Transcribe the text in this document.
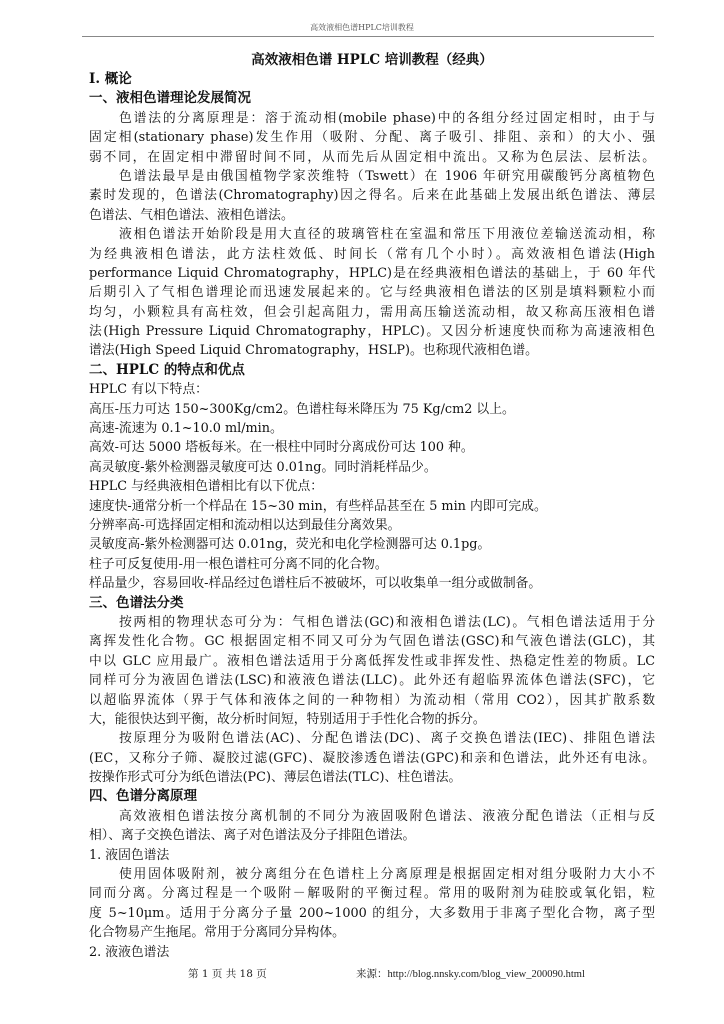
高效液相色谱HPLC培训教程
高效液相色谱 HPLC 培训教程（经典）
Ⅰ. 概论
一、液相色谱理论发展简况
色谱法的分离原理是：溶于流动相(mobile phase)中的各组分经过固定相时，由于与
固定相(stationary phase)发生作用（吸附、分配、离子吸引、排阻、亲和）的大小、强
弱不同，在固定相中滞留时间不同，从而先后从固定相中流出。又称为色层法、层析法。
色谱法最早是由俄国植物学家茨维特（Tswett）在 1906 年研究用碳酸钙分离植物色
素时发现的，色谱法(Chromatography)因之得名。后来在此基础上发展出纸色谱法、薄层
色谱法、气相色谱法、液相色谱法。
液相色谱法开始阶段是用大直径的玻璃管柱在室温和常压下用液位差输送流动相，称
为经典液相色谱法，此方法柱效低、时间长（常有几个小时）。高效液相色谱法(High
performance Liquid Chromatography，HPLC)是在经典液相色谱法的基础上，于 60 年代
后期引入了气相色谱理论而迅速发展起来的。它与经典液相色谱法的区别是填料颗粒小而
均匀，小颗粒具有高柱效，但会引起高阻力，需用高压输送流动相，故又称高压液相色谱
法(High Pressure Liquid Chromatography，HPLC)。又因分析速度快而称为高速液相色
谱法(High Speed Liquid Chromatography，HSLP)。也称现代液相色谱。
二、HPLC 的特点和优点
HPLC 有以下特点：
高压-压力可达 150~300Kg/cm2。色谱柱每米降压为 75 Kg/cm2 以上。
高速-流速为 0.1~10.0 ml/min。
高效-可达 5000 塔板每米。在一根柱中同时分离成份可达 100 种。
高灵敏度-紫外检测器灵敏度可达 0.01ng。同时消耗样品少。
HPLC 与经典液相色谱相比有以下优点：
速度快-通常分析一个样品在 15~30 min，有些样品甚至在 5 min 内即可完成。
分辨率高-可选择固定相和流动相以达到最佳分离效果。
灵敏度高-紫外检测器可达 0.01ng，荧光和电化学检测器可达 0.1pg。
柱子可反复使用-用一根色谱柱可分离不同的化合物。
样品量少，容易回收-样品经过色谱柱后不被破坏，可以收集单一组分或做制备。
三、色谱法分类
按两相的物理状态可分为：气相色谱法(GC)和液相色谱法(LC)。气相色谱法适用于分
离挥发性化合物。GC 根据固定相不同又可分为气固色谱法(GSC)和气液色谱法(GLC)，其
中以 GLC 应用最广。液相色谱法适用于分离低挥发性或非挥发性、热稳定性差的物质。LC
同样可分为液固色谱法(LSC)和液液色谱法(LLC)。此外还有超临界流体色谱法(SFC)，它
以超临界流体（界于气体和液体之间的一种物相）为流动相（常用 CO2），因其扩散系数
大，能很快达到平衡，故分析时间短，特别适用于手性化合物的拆分。
按原理分为吸附色谱法(AC)、分配色谱法(DC)、离子交换色谱法(IEC)、排阻色谱法
(EC，又称分子筛、凝胶过滤(GFC)、凝胶渗透色谱法(GPC)和亲和色谱法，此外还有电泳。
按操作形式可分为纸色谱法(PC)、薄层色谱法(TLC)、柱色谱法。
四、色谱分离原理
高效液相色谱法按分离机制的不同分为液固吸附色谱法、液液分配色谱法（正相与反
相）、离子交换色谱法、离子对色谱法及分子排阻色谱法。
1. 液固色谱法
使用固体吸附剂，被分离组分在色谱柱上分离原理是根据固定相对组分吸附力大小不
同而分离。分离过程是一个吸附－解吸附的平衡过程。常用的吸附剂为硅胶或氧化铝，粒
度 5~10μm。适用于分离分子量 200~1000 的组分，大多数用于非离子型化合物，离子型
化合物易产生拖尾。常用于分离同分异构体。
2. 液液色谱法
第 1 页 共 18 页	来源：http://blog.nnsky.com/blog_view_200090.html
